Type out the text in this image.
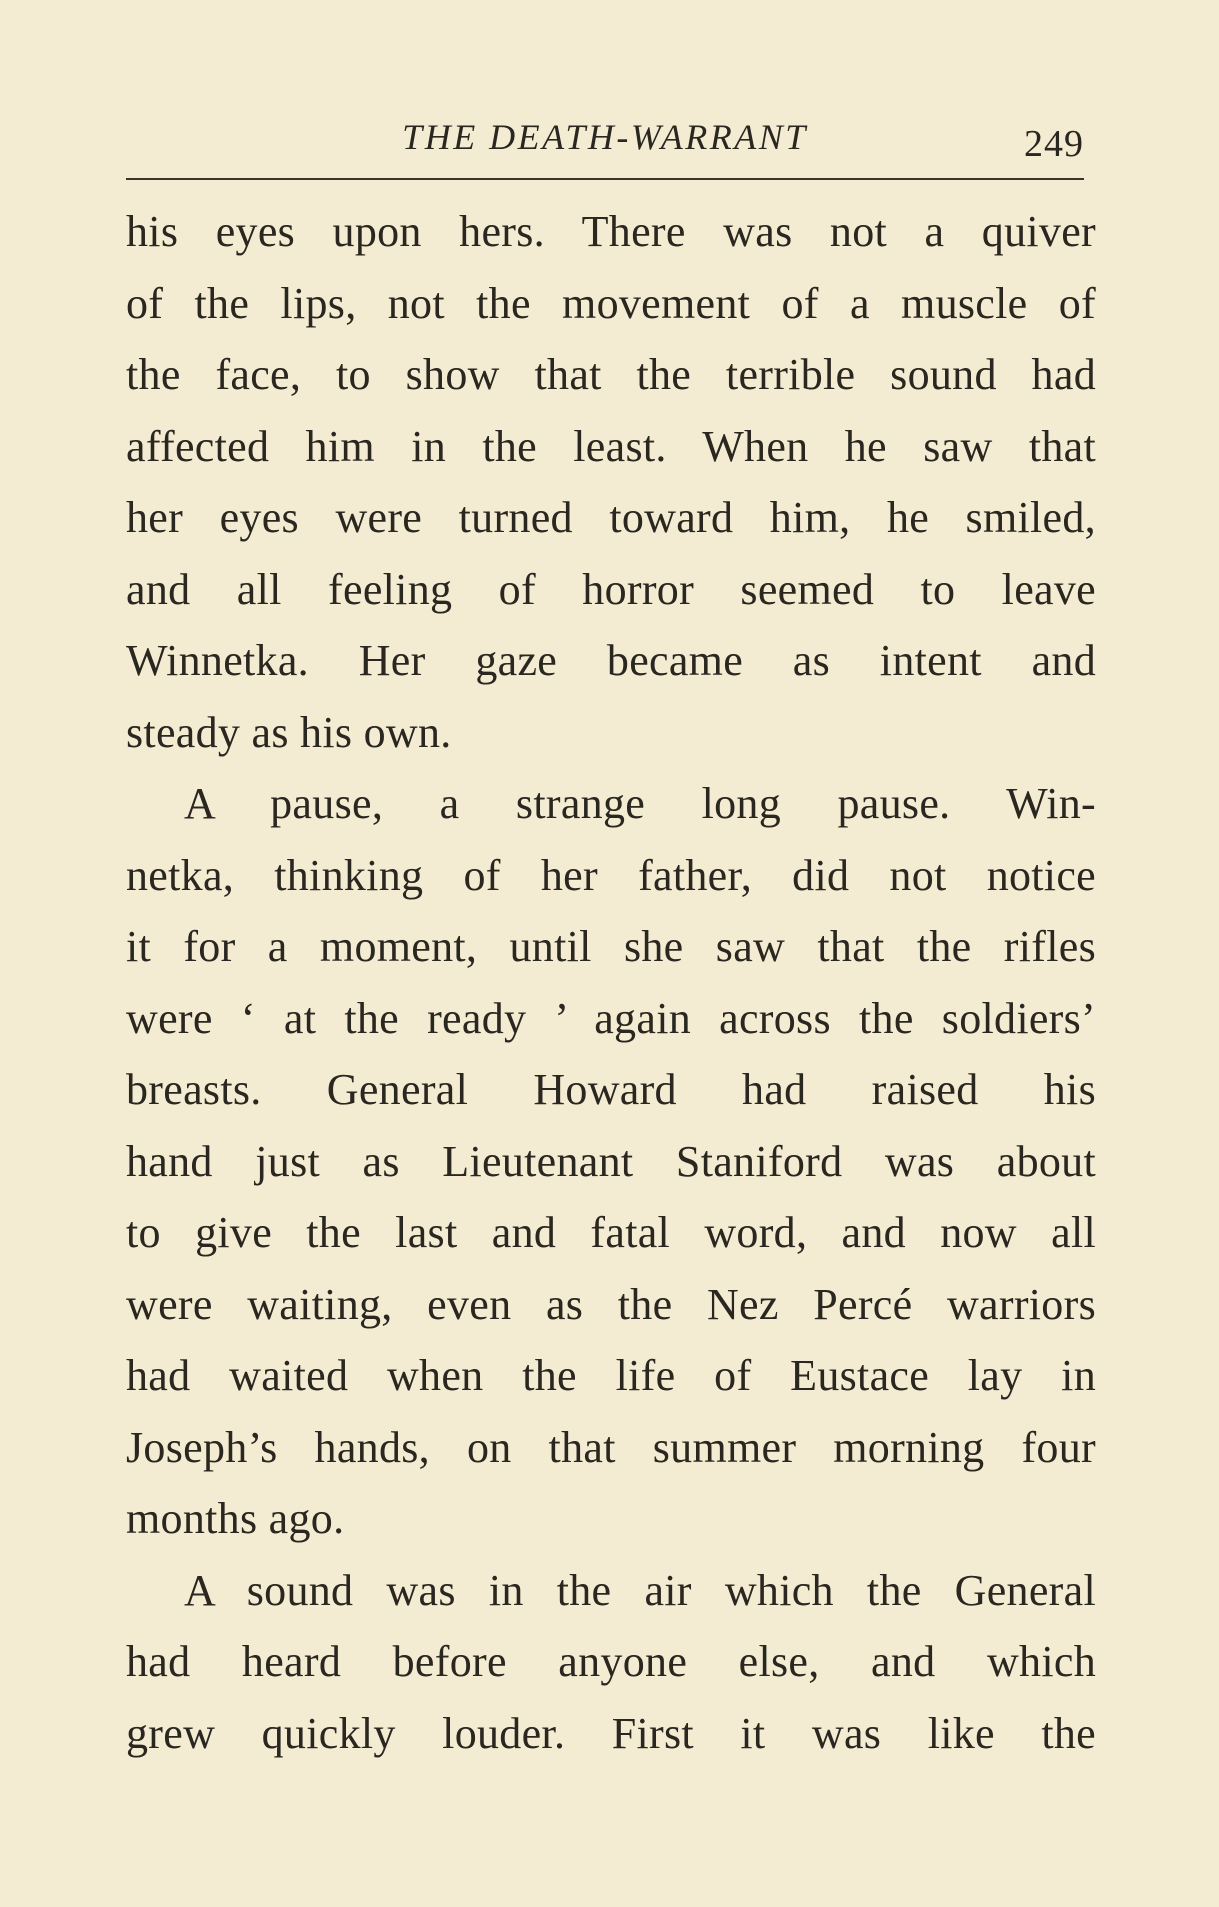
THE DEATH-WARRANT	249
his eyes upon hers. There was not a quiver
of the lips, not the movement of a muscle of
the face, to show that the terrible sound had
affected him in the least. When he saw that
her eyes were turned toward him, he smiled,
and all feeling of horror seemed to leave
Winnetka. Her gaze became as intent and
steady as his own.
A pause, a strange long pause. Win-
netka, thinking of her father, did not notice
it for a moment, until she saw that the rifles
were ‘ at the ready ’ again across the soldiers’
breasts. General Howard had raised his
hand just as Lieutenant Staniford was about
to give the last and fatal word, and now all
were waiting, even as the Nez Percé warriors
had waited when the life of Eustace lay in
Joseph’s hands, on that summer morning four
months ago.
A sound was in the air which the General
had heard before anyone else, and which
grew quickly louder. First it was like the
